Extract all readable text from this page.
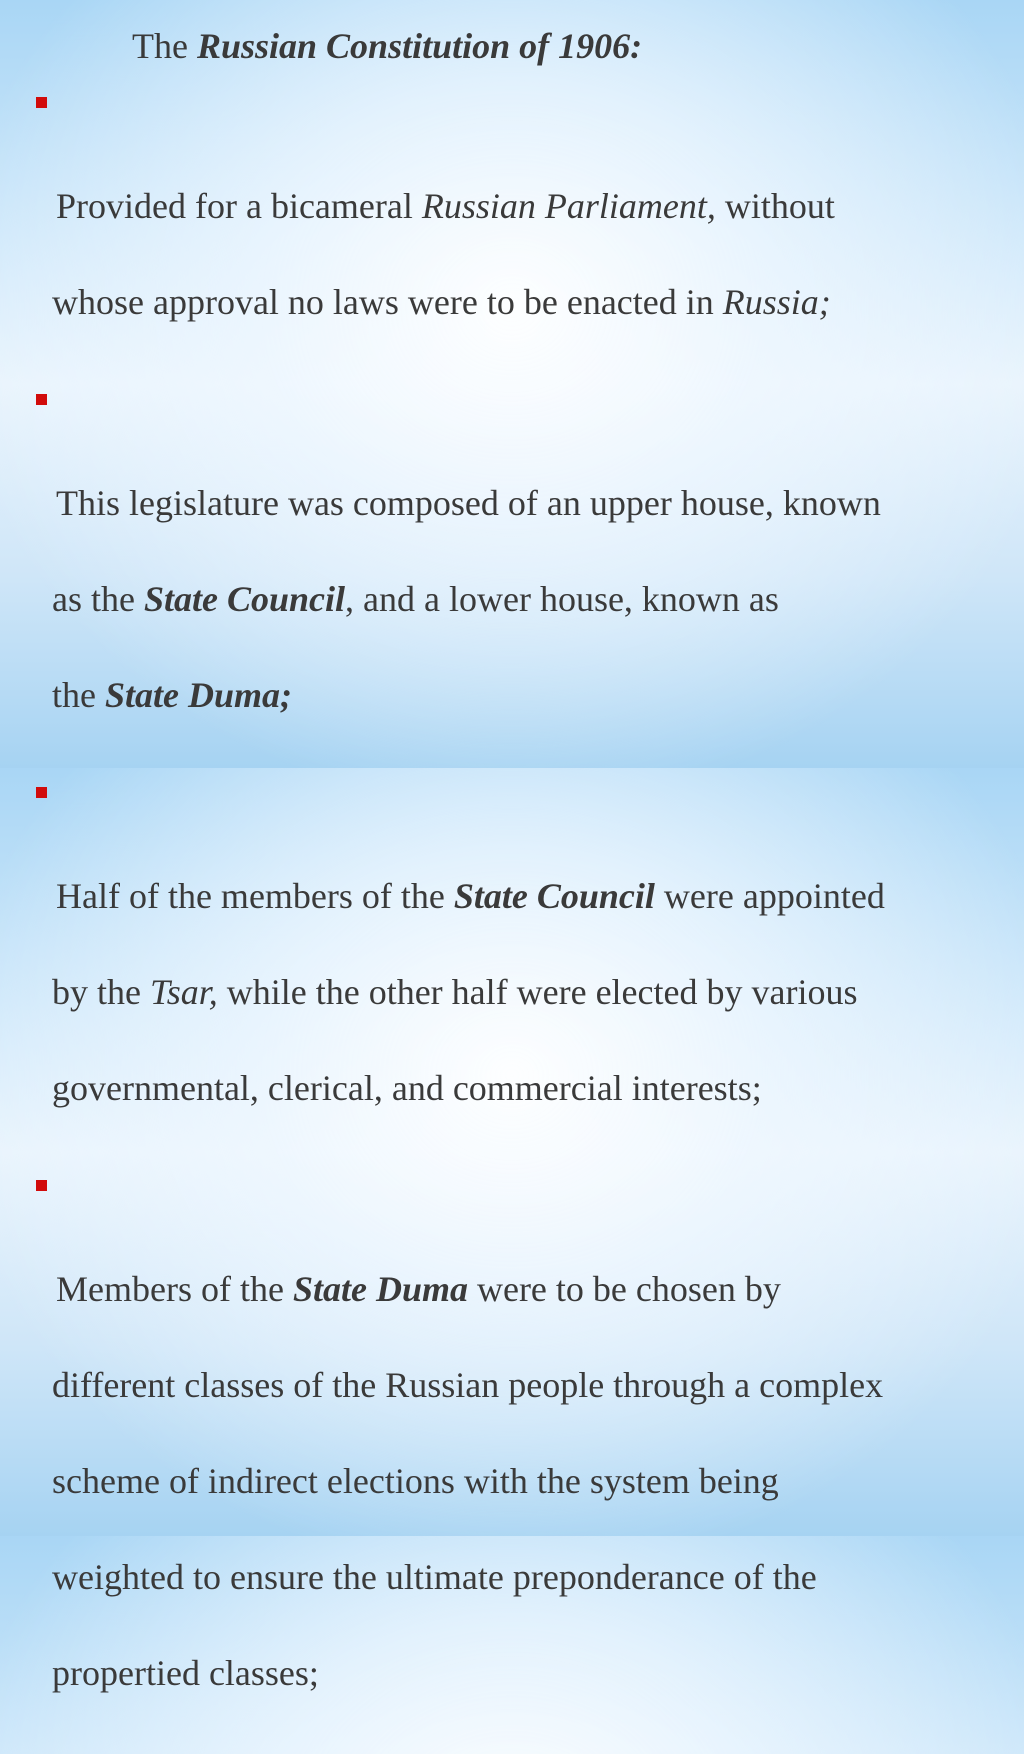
The Russian Constitution of 1906:

Provided for a bicameral Russian Parliament, without

whose approval no laws were to be enacted in Russia;

This legislature was composed of an upper house, known

as the State Council, and a lower house, known as

the State Duma;

Half of the members of the State Council were appointed

by the Tsar, while the other half were elected by various

governmental, clerical, and commercial interests;

Members of the State Duma were to be chosen by

different classes of the Russian people through a complex

scheme of indirect elections with the system being

weighted to ensure the ultimate preponderance of the

propertied classes;
